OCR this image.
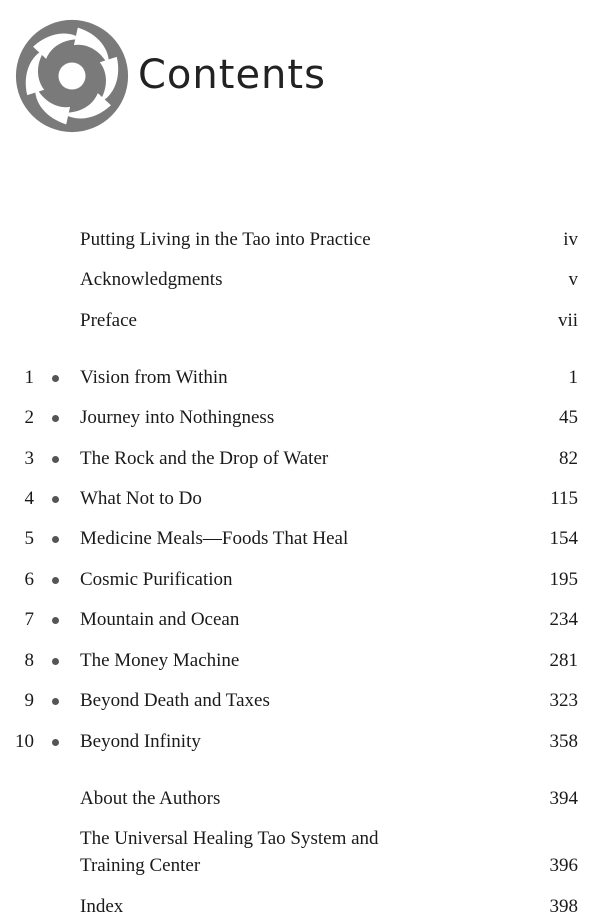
Contents
Putting Living in the Tao into Practice	iv
Acknowledgments	v
Preface	vii
1 Vision from Within	1
2 Journey into Nothingness	45
3 The Rock and the Drop of Water	82
4 What Not to Do	115
5 Medicine Meals—Foods That Heal	154
6 Cosmic Purification	195
7 Mountain and Ocean	234
8 The Money Machine	281
9 Beyond Death and Taxes	323
10 Beyond Infinity	358
About the Authors	394
The Universal Healing Tao System and
Training Center	396
Index	398
